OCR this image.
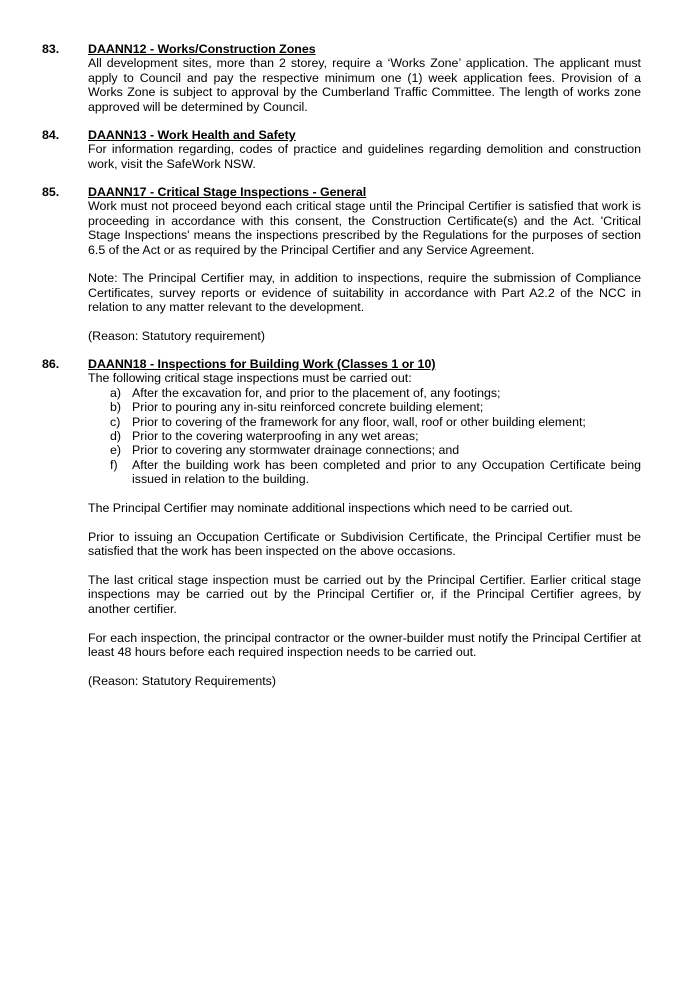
83.	DAANN12 - Works/Construction Zones

All development sites, more than 2 storey, require a ‘Works Zone’ application. The applicant must apply to Council and pay the respective minimum one (1) week application fees. Provision of a Works Zone is subject to approval by the Cumberland Traffic Committee. The length of works zone approved will be determined by Council.

84.	DAANN13 - Work Health and Safety

For information regarding, codes of practice and guidelines regarding demolition and construction work, visit the SafeWork NSW.

85.	DAANN17 - Critical Stage Inspections - General

Work must not proceed beyond each critical stage until the Principal Certifier is satisfied that work is proceeding in accordance with this consent, the Construction Certificate(s) and the Act. 'Critical Stage Inspections' means the inspections prescribed by the Regulations for the purposes of section 6.5 of the Act or as required by the Principal Certifier and any Service Agreement.

Note: The Principal Certifier may, in addition to inspections, require the submission of Compliance Certificates, survey reports or evidence of suitability in accordance with Part A2.2 of the NCC in relation to any matter relevant to the development.

(Reason: Statutory requirement)

86.	DAANN18 - Inspections for Building Work (Classes 1 or 10)

The following critical stage inspections must be carried out:

a) After the excavation for, and prior to the placement of, any footings;
b) Prior to pouring any in-situ reinforced concrete building element;
c) Prior to covering of the framework for any floor, wall, roof or other building element;
d) Prior to the covering waterproofing in any wet areas;
e) Prior to covering any stormwater drainage connections; and
f)	After the building work has been completed and prior to any Occupation Certificate being issued in relation to the building.

The Principal Certifier may nominate additional inspections which need to be carried out.

Prior to issuing an Occupation Certificate or Subdivision Certificate, the Principal Certifier must be satisfied that the work has been inspected on the above occasions.

The last critical stage inspection must be carried out by the Principal Certifier. Earlier critical stage inspections may be carried out by the Principal Certifier or, if the Principal Certifier agrees, by another certifier.

For each inspection, the principal contractor or the owner-builder must notify the Principal Certifier at least 48 hours before each required inspection needs to be carried out.

(Reason: Statutory Requirements)
